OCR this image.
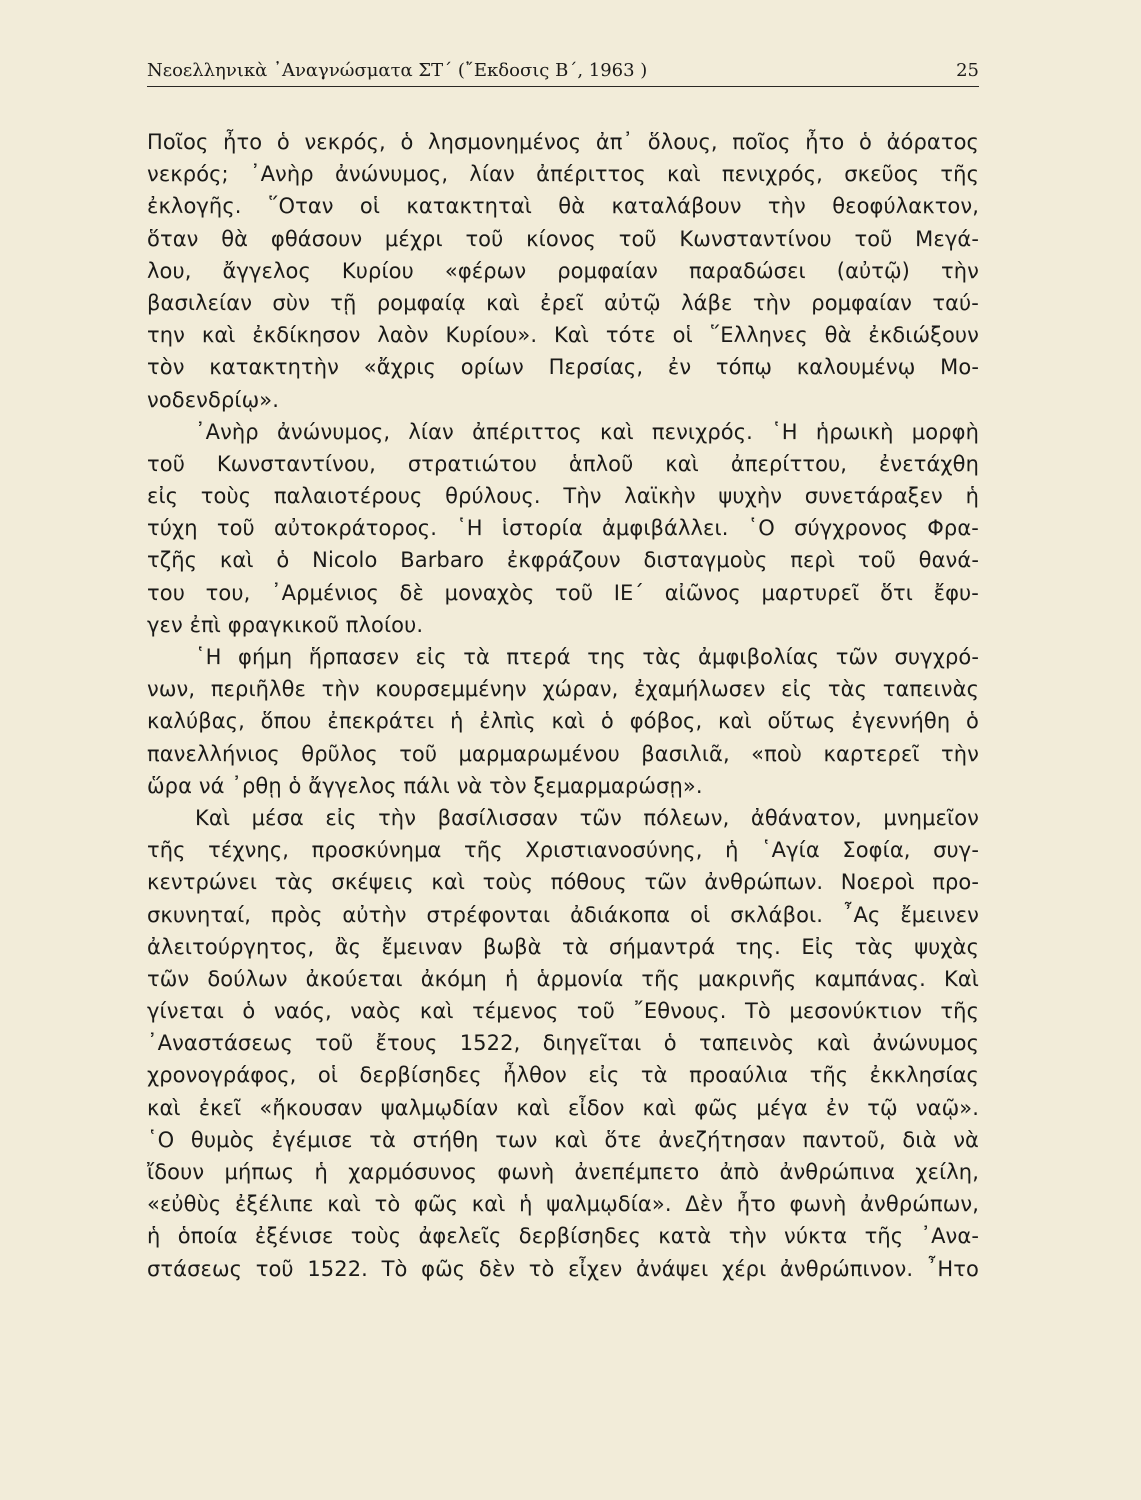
Νεοελληνικὰ ᾽Αναγνώσματα ΣΤ´ (῎Εκδοσις Β´, 1963 )	25
Ποῖος ἦτο ὁ νεκρός, ὁ λησμονημένος ἀπ᾽ ὅλους, ποῖος ἦτο ὁ ἀόρατος
νεκρός; ᾽Ανὴρ ἀνώνυμος, λίαν ἀπέριττος καὶ πενιχρός, σκεῦος τῆς
ἐκλογῆς. ῞Οταν οἱ κατακτηταὶ θὰ καταλάβουν τὴν θεοφύλακτον,
ὅταν θὰ φθάσουν μέχρι τοῦ κίονος τοῦ Κωνσταντίνου τοῦ Μεγά-
λου, ἄγγελος Κυρίου «φέρων ρομφαίαν παραδώσει (αὐτῷ) τὴν
βασιλείαν σὺν τῇ ρομφαίᾳ καὶ ἐρεῖ αὐτῷ λάβε τὴν ρομφαίαν ταύ-
την καὶ ἐκδίκησον λαὸν Κυρίου». Καὶ τότε οἱ ῞Ελληνες θὰ ἐκδιώξουν
τὸν κατακτητὴν «ἄχρις ορίων Περσίας, ἐν τόπῳ καλουμένῳ Μο-
νοδενδρίῳ».
᾽Ανὴρ ἀνώνυμος, λίαν ἀπέριττος καὶ πενιχρός. ῾Η ἡρωικὴ μορφὴ
τοῦ Κωνσταντίνου, στρατιώτου ἁπλοῦ καὶ ἀπερίττου, ἐνετάχθη
εἰς τοὺς παλαιοτέρους θρύλους. Τὴν λαϊκὴν ψυχὴν συνετάραξεν ἡ
τύχη τοῦ αὐτοκράτορος. ῾Η ἱστορία ἀμφιβάλλει. ῾Ο σύγχρονος Φρα-
τζῆς καὶ ὁ Nicolo Barbaro ἐκφράζουν δισταγμοὺς περὶ τοῦ θανά-
του του, ᾽Αρμένιος δὲ μοναχὸς τοῦ ΙΕ´ αἰῶνος μαρτυρεῖ ὅτι ἔφυ-
γεν ἐπὶ φραγκικοῦ πλοίου.
῾Η φήμη ἥρπασεν εἰς τὰ πτερά της τὰς ἀμφιβολίας τῶν συγχρό-
νων, περιῆλθε τὴν κουρσεμμένην χώραν, ἐχαμήλωσεν εἰς τὰς ταπεινὰς
καλύβας, ὅπου ἐπεκράτει ἡ ἐλπὶς καὶ ὁ φόβος, καὶ οὕτως ἐγεννήθη ὁ
πανελλήνιος θρῦλος τοῦ μαρμαρωμένου βασιλιᾶ, «ποὺ καρτερεῖ τὴν
ὥρα νά ᾽ρθῃ ὁ ἄγγελος πάλι νὰ τὸν ξεμαρμαρώσῃ».
Καὶ μέσα εἰς τὴν βασίλισσαν τῶν πόλεων, ἀθάνατον, μνημεῖον
τῆς τέχνης, προσκύνημα τῆς Χριστιανοσύνης, ἡ ῾Αγία Σοφία, συγ-
κεντρώνει τὰς σκέψεις καὶ τοὺς πόθους τῶν ἀνθρώπων. Νοεροὶ προ-
σκυνηταί, πρὸς αὐτὴν στρέφονται ἀδιάκοπα οἱ σκλάβοι. ῏Ας ἔμεινεν
ἀλειτούργητος, ἂς ἔμειναν βωβὰ τὰ σήμαντρά της. Εἰς τὰς ψυχὰς
τῶν δούλων ἀκούεται ἀκόμη ἡ ἁρμονία τῆς μακρινῆς καμπάνας. Καὶ
γίνεται ὁ ναός, ναὸς καὶ τέμενος τοῦ ῎Εθνους. Τὸ μεσονύκτιον τῆς
᾽Αναστάσεως τοῦ ἔτους 1522, διηγεῖται ὁ ταπεινὸς καὶ ἀνώνυμος
χρονογράφος, οἱ δερβίσηδες ἦλθον εἰς τὰ προαύλια τῆς ἐκκλησίας
καὶ ἐκεῖ «ἤκουσαν ψαλμῳδίαν καὶ εἶδον καὶ φῶς μέγα ἐν τῷ ναῷ».
῾Ο θυμὸς ἐγέμισε τὰ στήθη των καὶ ὅτε ἀνεζήτησαν παντοῦ, διὰ νὰ
ἴδουν μήπως ἡ χαρμόσυνος φωνὴ ἀνεπέμπετο ἀπὸ ἀνθρώπινα χείλη,
«εὐθὺς ἐξέλιπε καὶ τὸ φῶς καὶ ἡ ψαλμῳδία». Δὲν ἦτο φωνὴ ἀνθρώπων,
ἡ ὁποία ἐξένισε τοὺς ἀφελεῖς δερβίσηδες κατὰ τὴν νύκτα τῆς ᾽Ανα-
στάσεως τοῦ 1522. Τὸ φῶς δὲν τὸ εἶχεν ἀνάψει χέρι ἀνθρώπινον. ῏Ητο
